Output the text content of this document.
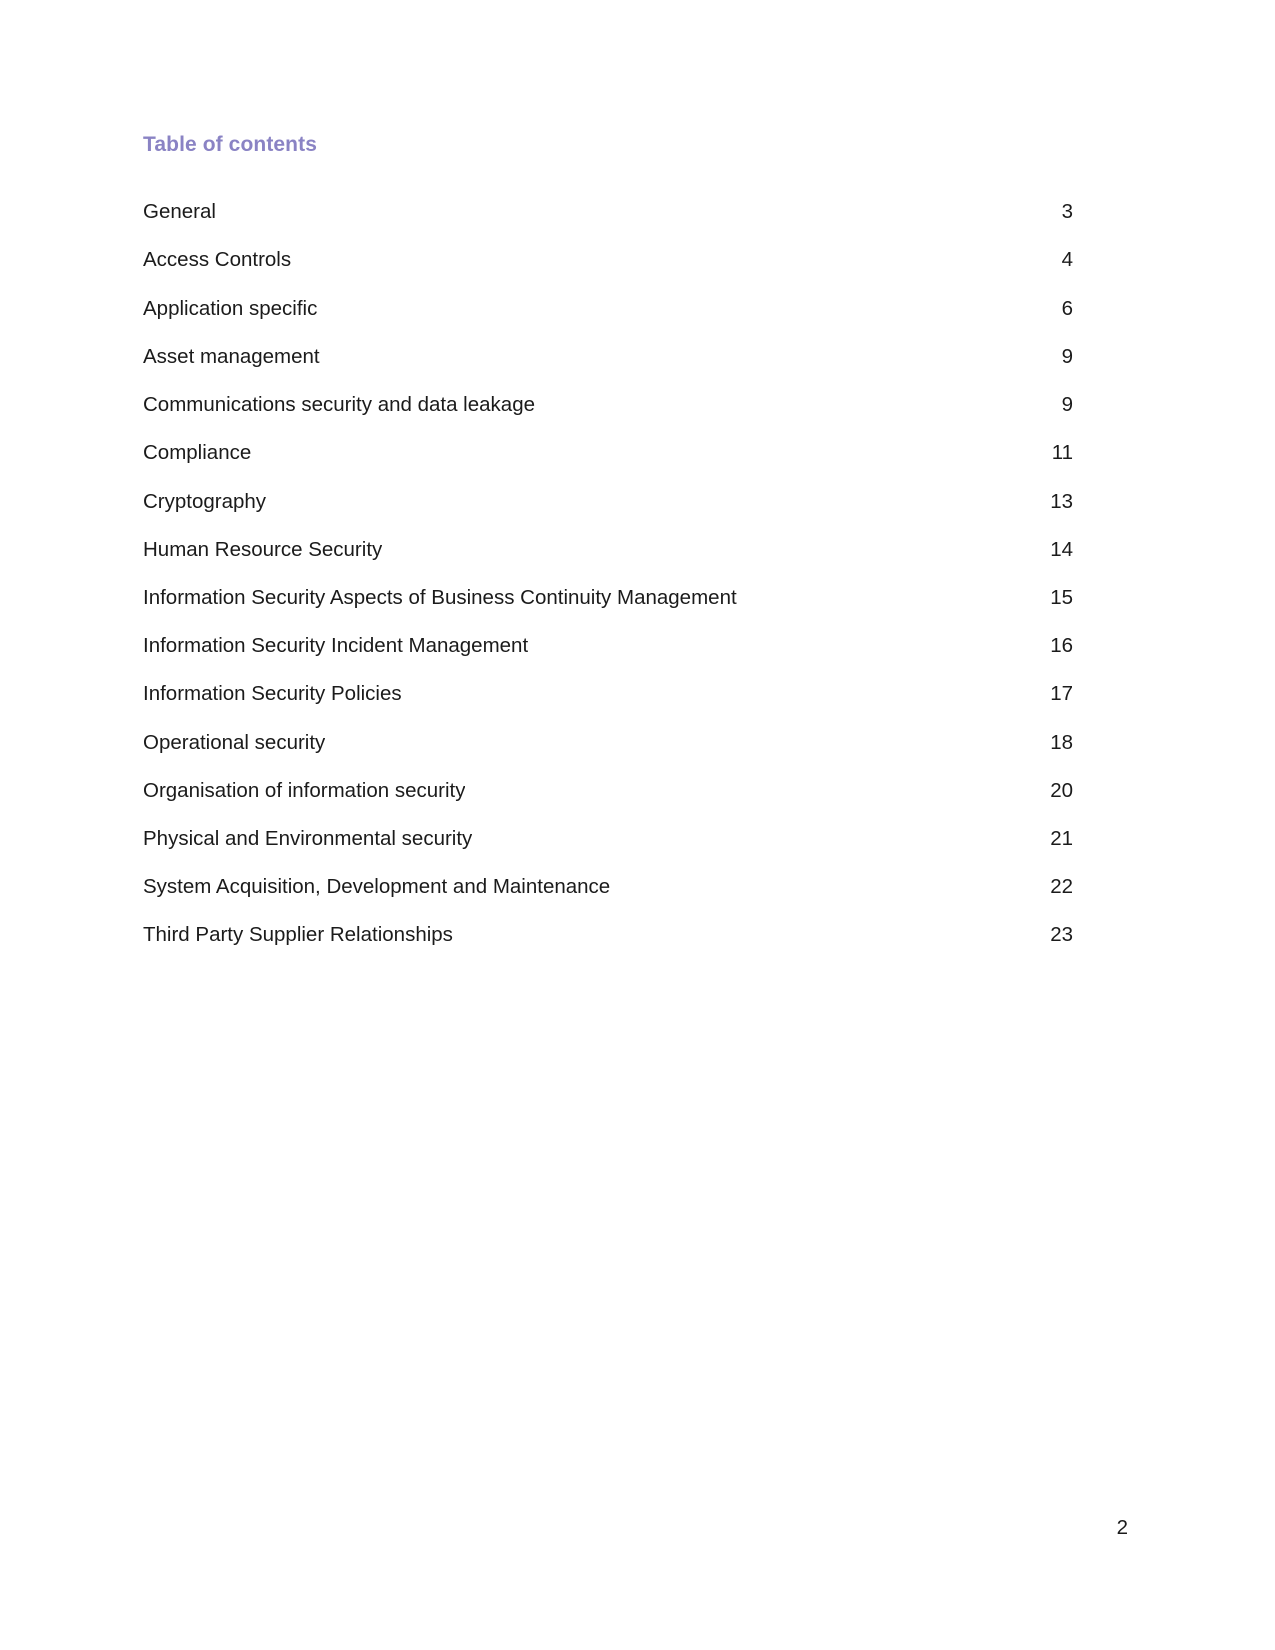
Table of contents
General	3
Access Controls	4
Application specific	6
Asset management	9
Communications security and data leakage	9
Compliance	11
Cryptography	13
Human Resource Security	14
Information Security Aspects of Business Continuity Management	15
Information Security Incident Management	16
Information Security Policies	17
Operational security	18
Organisation of information security	20
Physical and Environmental security	21
System Acquisition, Development and Maintenance	22
Third Party Supplier Relationships	23
2
